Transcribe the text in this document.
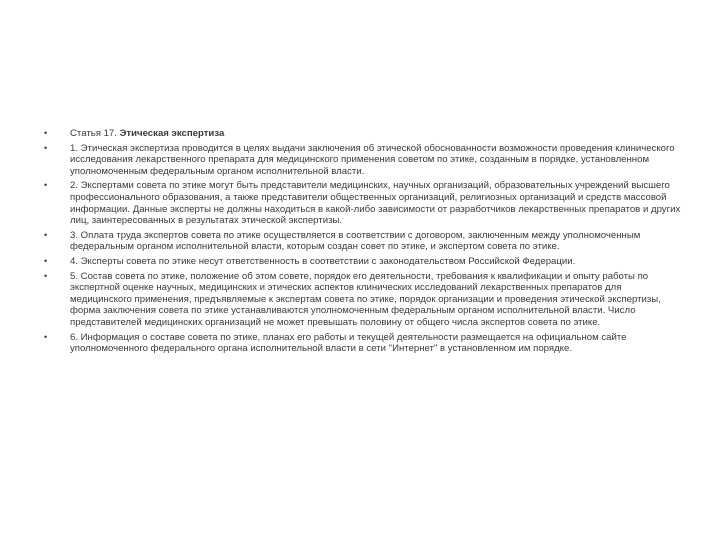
• Статья 17. Этическая экспертиза
• 1. Этическая экспертиза проводится в целях выдачи заключения об этической обоснованности возможности проведения клинического исследования лекарственного препарата для медицинского применения советом по этике, созданным в порядке, установленном уполномоченным федеральным органом исполнительной власти.
• 2. Экспертами совета по этике могут быть представители медицинских, научных организаций, образовательных учреждений высшего профессионального образования, а также представители общественных организаций, религиозных организаций и средств массовой информации. Данные эксперты не должны находиться в какой-либо зависимости от разработчиков лекарственных препаратов и других лиц, заинтересованных в результатах этической экспертизы.
• 3. Оплата труда экспертов совета по этике осуществляется в соответствии с договором, заключенным между уполномоченным федеральным органом исполнительной власти, которым создан совет по этике, и экспертом совета по этике.
• 4. Эксперты совета по этике несут ответственность в соответствии с законодательством Российской Федерации.
• 5. Состав совета по этике, положение об этом совете, порядок его деятельности, требования к квалификации и опыту работы по экспертной оценке научных, медицинских и этических аспектов клинических исследований лекарственных препаратов для медицинского применения, предъявляемые к экспертам совета по этике, порядок организации и проведения этической экспертизы, форма заключения совета по этике устанавливаются уполномоченным федеральным органом исполнительной власти. Число представителей медицинских организаций не может превышать половину от общего числа экспертов совета по этике.
• 6. Информация о составе совета по этике, планах его работы и текущей деятельности размещается на официальном сайте уполномоченного федерального органа исполнительной власти в сети "Интернет" в установленном им порядке.
